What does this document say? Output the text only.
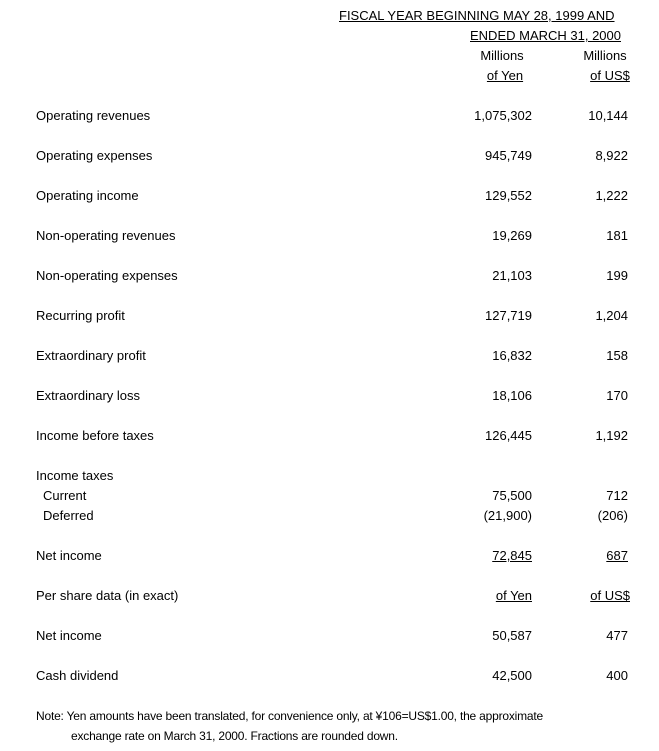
FISCAL YEAR BEGINNING MAY 28, 1999 AND
ENDED MARCH 31, 2000
Millions
of Yen
Millions
of US$
Operating revenues	1,075,302	10,144
Operating expenses	945,749	8,922
Operating income	129,552	1,222
Non-operating revenues	19,269	181
Non-operating expenses	21,103	199
Recurring profit	127,719	1,204
Extraordinary profit	16,832	158
Extraordinary loss	18,106	170
Income before taxes	126,445	1,192
Income taxes
Current	75,500	712
Deferred	(21,900)	(206)
Net income	72,845	687
Per share data (in exact)	of Yen	of US$
Net income	50,587	477
Cash dividend	42,500	400
Note: Yen amounts have been translated, for convenience only, at ¥106=US$1.00, the approximate
exchange rate on March 31, 2000. Fractions are rounded down.
